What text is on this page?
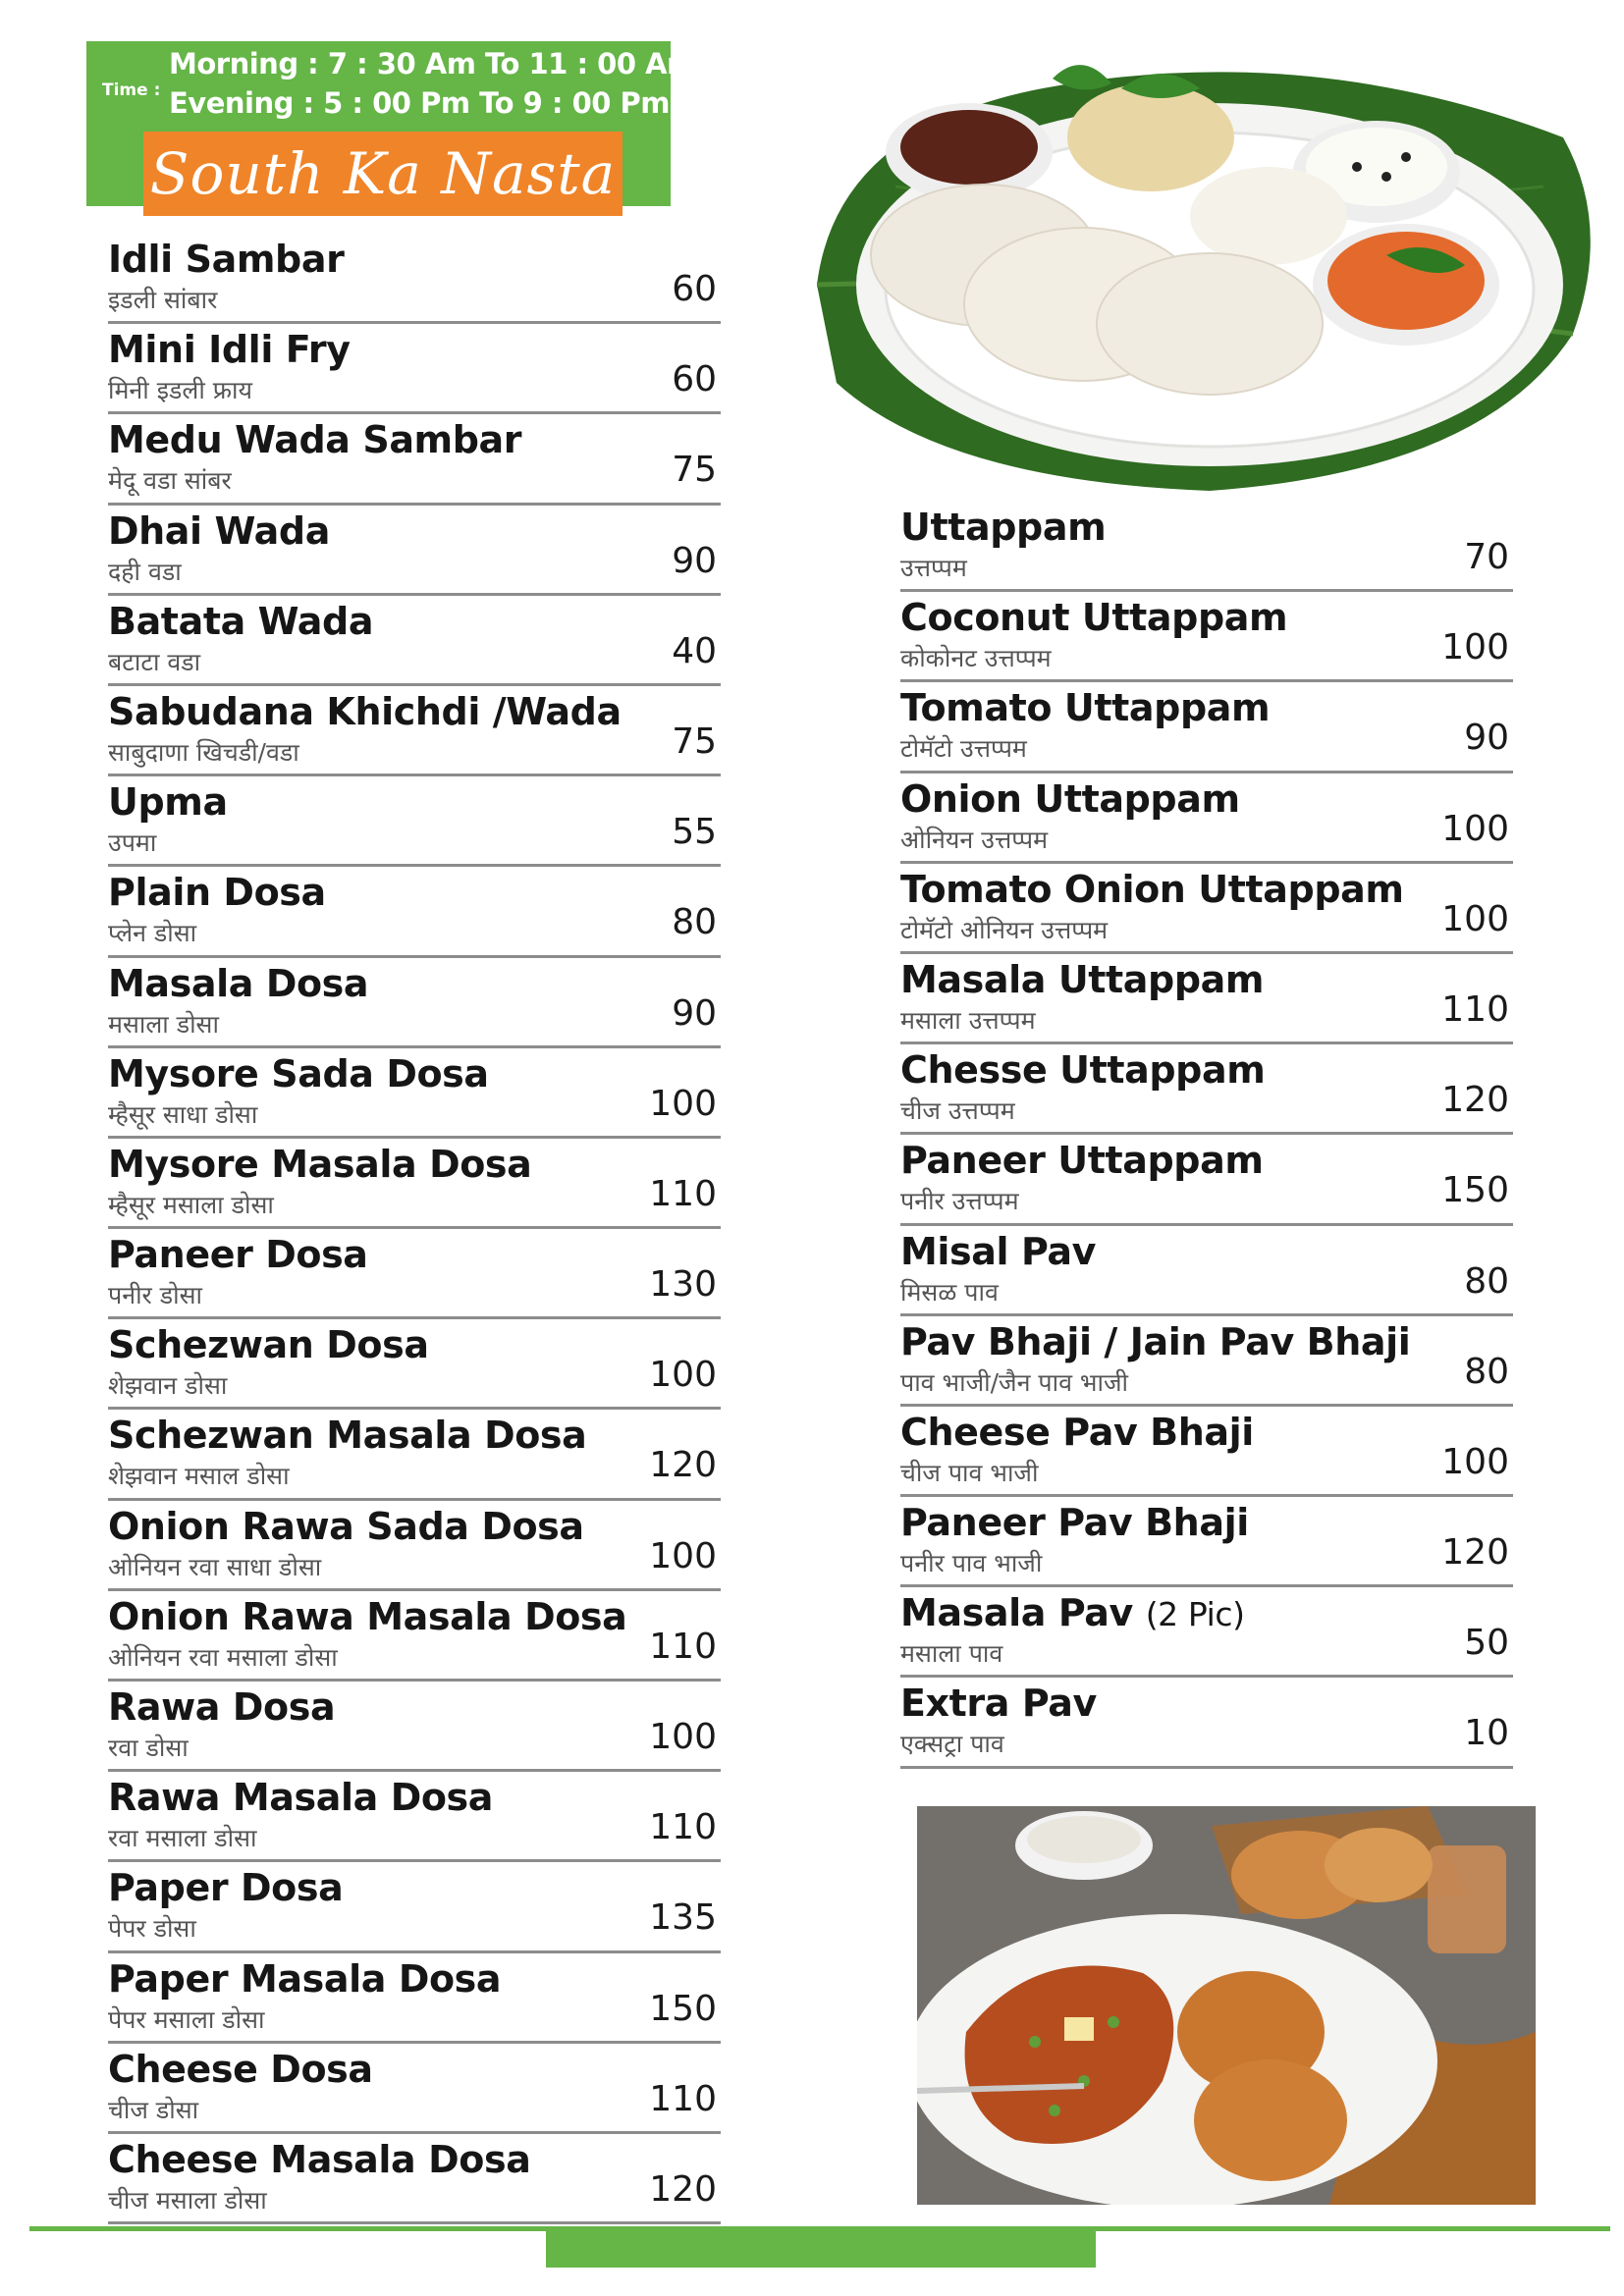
Time :
Morning : 7 : 30 Am To 11 : 00 Am
Evening : 5 : 00 Pm To 9 : 00 Pm
South Ka Nasta
Idli Sambar
इडली सांबार	60
Mini Idli Fry
मिनी इडली फ्राय	60
Medu Wada Sambar
मेदू वडा सांबर	75
Dhai Wada
दही वडा	90
Batata Wada
बटाटा वडा	40
Sabudana Khichdi /Wada
साबुदाणा खिचडी/वडा	75
Upma
उपमा	55
Plain Dosa
प्लेन डोसा	80
Masala Dosa
मसाला डोसा	90
Mysore Sada Dosa
म्हैसूर साधा डोसा	100
Mysore Masala Dosa
म्हैसूर मसाला डोसा	110
Paneer Dosa
पनीर डोसा	130
Schezwan Dosa
शेझवान डोसा	100
Schezwan Masala Dosa
शेझवान मसाल डोसा	120
Onion Rawa Sada Dosa
ओनियन रवा साधा डोसा	100
Onion Rawa Masala Dosa
ओनियन रवा मसाला डोसा	110
Rawa Dosa
रवा डोसा	100
Rawa Masala Dosa
रवा मसाला डोसा	110
Paper Dosa
पेपर डोसा	135
Paper Masala Dosa
पेपर मसाला डोसा	150
Cheese Dosa
चीज डोसा	110
Cheese Masala Dosa
चीज मसाला डोसा	120
Uttappam
उत्तप्पम	70
Coconut Uttappam
कोकोनट उत्तप्पम	100
Tomato Uttappam
टोमॅटो उत्तप्पम	90
Onion Uttappam
ओनियन उत्तप्पम	100
Tomato Onion Uttappam
टोमॅटो ओनियन उत्तप्पम	100
Masala Uttappam
मसाला उत्तप्पम	110
Chesse Uttappam
चीज उत्तप्पम	120
Paneer Uttappam
पनीर उत्तप्पम	150
Misal Pav
मिसळ पाव	80
Pav Bhaji / Jain Pav Bhaji
पाव भाजी/जैन पाव भाजी	80
Cheese Pav Bhaji
चीज पाव भाजी	100
Paneer Pav Bhaji
पनीर पाव भाजी	120
Masala Pav (2 Pic)
मसाला पाव	50
Extra Pav
एक्सट्रा पाव	10
